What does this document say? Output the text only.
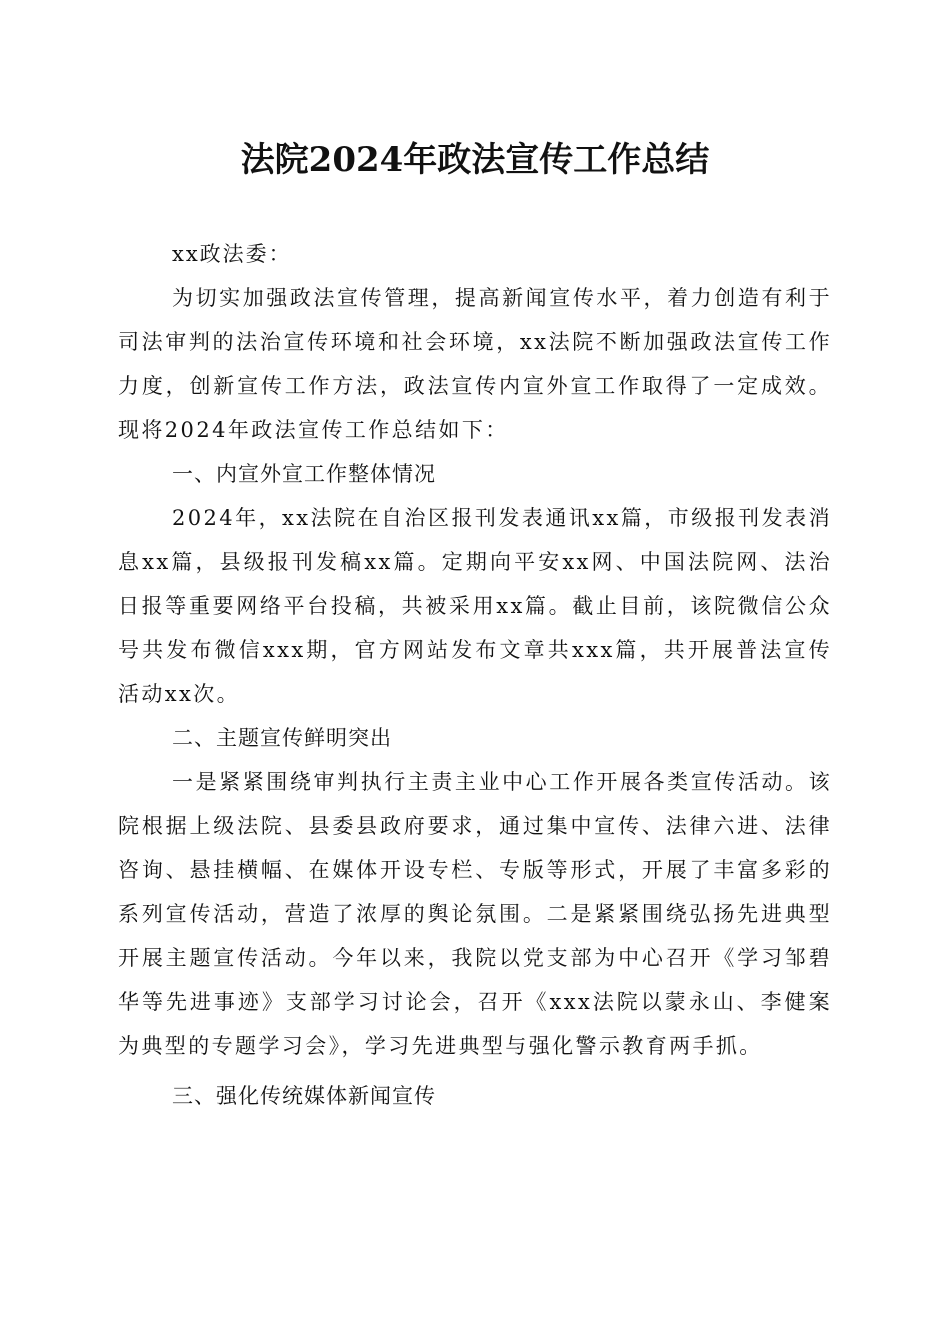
法院2024年政法宣传工作总结
xx政法委：

为切实加强政法宣传管理，提高新闻宣传水平，着力创造有利于司法审判的法治宣传环境和社会环境，xx法院不断加强政法宣传工作力度，创新宣传工作方法，政法宣传内宣外宣工作取得了一定成效。现将2024年政法宣传工作总结如下：

一、内宣外宣工作整体情况

2024年，xx法院在自治区报刊发表通讯xx篇，市级报刊发表消息xx篇，县级报刊发稿xx篇。定期向平安xx网、中国法院网、法治日报等重要网络平台投稿，共被采用xx篇。截止目前，该院微信公众号共发布微信xxx期，官方网站发布文章共xxx篇，共开展普法宣传活动xx次。

二、主题宣传鲜明突出

一是紧紧围绕审判执行主责主业中心工作开展各类宣传活动。该院根据上级法院、县委县政府要求，通过集中宣传、法律六进、法律咨询、悬挂横幅、在媒体开设专栏、专版等形式，开展了丰富多彩的系列宣传活动，营造了浓厚的舆论氛围。二是紧紧围绕弘扬先进典型开展主题宣传活动。今年以来，我院以党支部为中心召开《学习邹碧华等先进事迹》支部学习讨论会，召开《xxx法院以蒙永山、李健案为典型的专题学习会》，学习先进典型与强化警示教育两手抓。

三、强化传统媒体新闻宣传
